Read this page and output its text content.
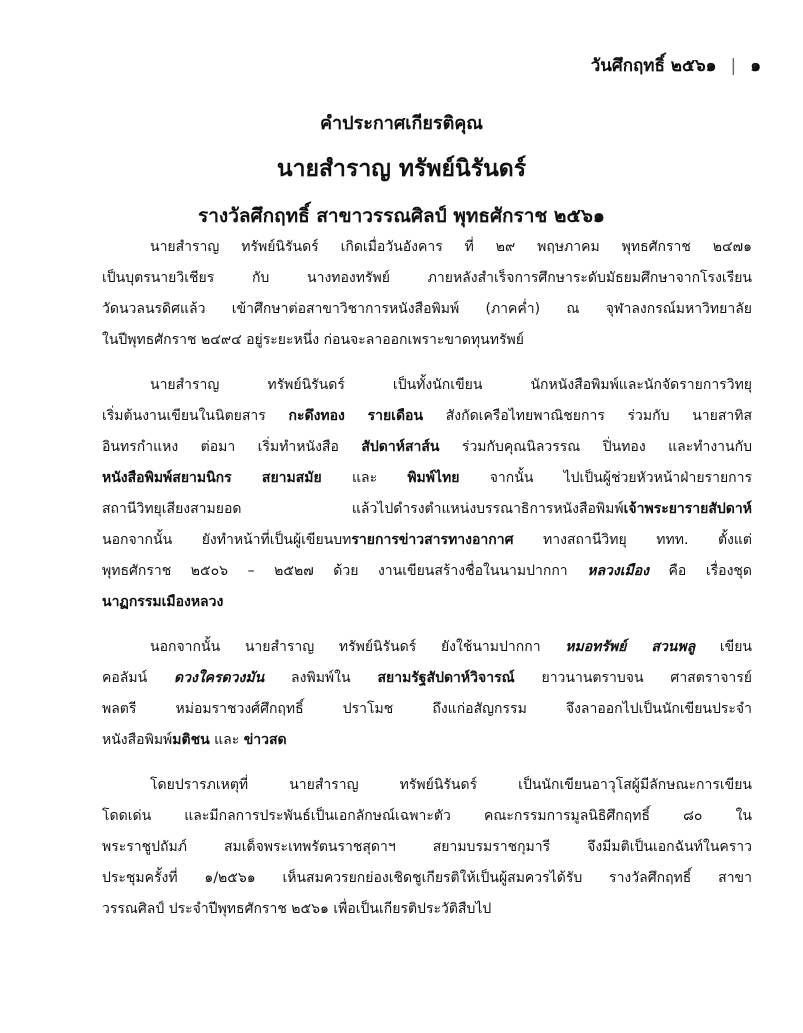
วันศึกฤทธิ์ ๒๕๖๑ | ๑

คำประกาศเกียรติคุณ

นายสำราญ ทรัพย์นิรันดร์

รางวัลศึกฤทธิ์ สาขาวรรณศิลป์ พุทธศักราช ๒๕๖๑

นายสำราญ ทรัพย์นิรันดร์ เกิดเมื่อวันอังคาร ที่ ๒๙ พฤษภาคม พุทธศักราช ๒๔๗๑
เป็นบุตรนายวิเชียร กับ นางทองทรัพย์ ภายหลังสำเร็จการศึกษาระดับมัธยมศึกษาจากโรงเรียน
วัดนวลนรดิศแล้ว เข้าศึกษาต่อสาขาวิชาการหนังสือพิมพ์ (ภาคค่ำ) ณ จุฬาลงกรณ์มหาวิทยาลัย
ในปีพุทธศักราช ๒๔๙๔ อยู่ระยะหนึ่ง ก่อนจะลาออกเพราะขาดทุนทรัพย์
นายสำราญ ทรัพย์นิรันดร์ เป็นทั้งนักเขียน นักหนังสือพิมพ์และนักจัดรายการวิทยุ
เริ่มต้นงานเขียนในนิตยสาร กะดึงทอง รายเดือน สังกัดเครือไทยพาณิชยการ ร่วมกับ นายสาทิส
อินทรกำแหง ต่อมา เริ่มทำหนังสือ สัปดาห์สาส์น ร่วมกับคุณนิลวรรณ ปิ่นทอง และทำงานกับ
หนังสือพิมพ์สยามนิกร สยามสมัย และ พิมพ์ไทย จากนั้น ไปเป็นผู้ช่วยหัวหน้าฝ่ายรายการ
สถานีวิทยุเสียงสามยอด แล้วไปดำรงตำแหน่งบรรณาธิการหนังสือพิมพ์เจ้าพระยารายสัปดาห์
นอกจากนั้น ยังทำหน้าที่เป็นผู้เขียนบทรายการข่าวสารทางอากาศ ทางสถานีวิทยุ ททท. ตั้งแต่
พุทธศักราช ๒๕๐๖ – ๒๕๒๗ ด้วย งานเขียนสร้างชื่อในนามปากกา หลวงเมือง คือ เรื่องชุด
นาฏกรรมเมืองหลวง
นอกจากนั้น นายสำราญ ทรัพย์นิรันดร์ ยังใช้นามปากกา หมอทรัพย์ สวนพลู เขียน
คอลัมน์ ดวงใครดวงมัน ลงพิมพ์ใน สยามรัฐสัปดาห์วิจารณ์ ยาวนานตราบจน ศาสตราจารย์
พลตรี หม่อมราชวงศ์ศึกฤทธิ์ ปราโมช ถึงแก่อสัญกรรม จึงลาออกไปเป็นนักเขียนประจำ
หนังสือพิมพ์มติชน และ ข่าวสด
โดยปรารภเหตุที่ นายสำราญ ทรัพย์นิรันดร์ เป็นนักเขียนอาวุโสผู้มีลักษณะการเขียน
โดดเด่น และมีกลการประพันธ์เป็นเอกลักษณ์เฉพาะตัว คณะกรรมการมูลนิธิศึกฤทธิ์ ๘๐ ใน
พระราชูปถัมภ์ สมเด็จพระเทพรัตนราชสุดาฯ สยามบรมราชกุมารี จึงมีมติเป็นเอกฉันท์ในคราว
ประชุมครั้งที่ ๑/๒๕๖๑ เห็นสมควรยกย่องเชิดชูเกียรติให้เป็นผู้สมควรได้รับ รางวัลศึกฤทธิ์ สาขา
วรรณศิลป์ ประจำปีพุทธศักราช ๒๕๖๑ เพื่อเป็นเกียรติประวัติสืบไป
